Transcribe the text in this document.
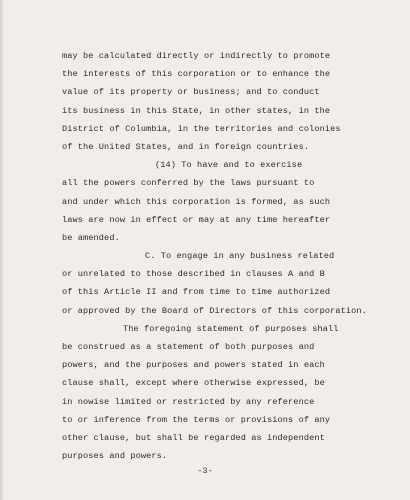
may be calculated directly or indirectly to promote
the interests of this corporation or to enhance the
value of its property or business; and to conduct
its business in this State, in other states, in the
District of Columbia, in the territories and colonies
of the United States, and in foreign countries.
(14) To have and to exercise
all the powers conferred by the laws pursuant to
and under which this corporation is formed, as such
laws are now in effect or may at any time hereafter
be amended.
C. To engage in any business related
or unrelated to those described in clauses A and B
of this Article II and from time to time authorized
or approved by the Board of Directors of this corporation.
The foregoing statement of purposes shall
be construed as a statement of both purposes and
powers, and the purposes and powers stated in each
clause shall, except where otherwise expressed, be
in nowise limited or restricted by any reference
to or inference from the terms or provisions of any
other clause, but shall be regarded as independent
purposes and powers.
-3-
